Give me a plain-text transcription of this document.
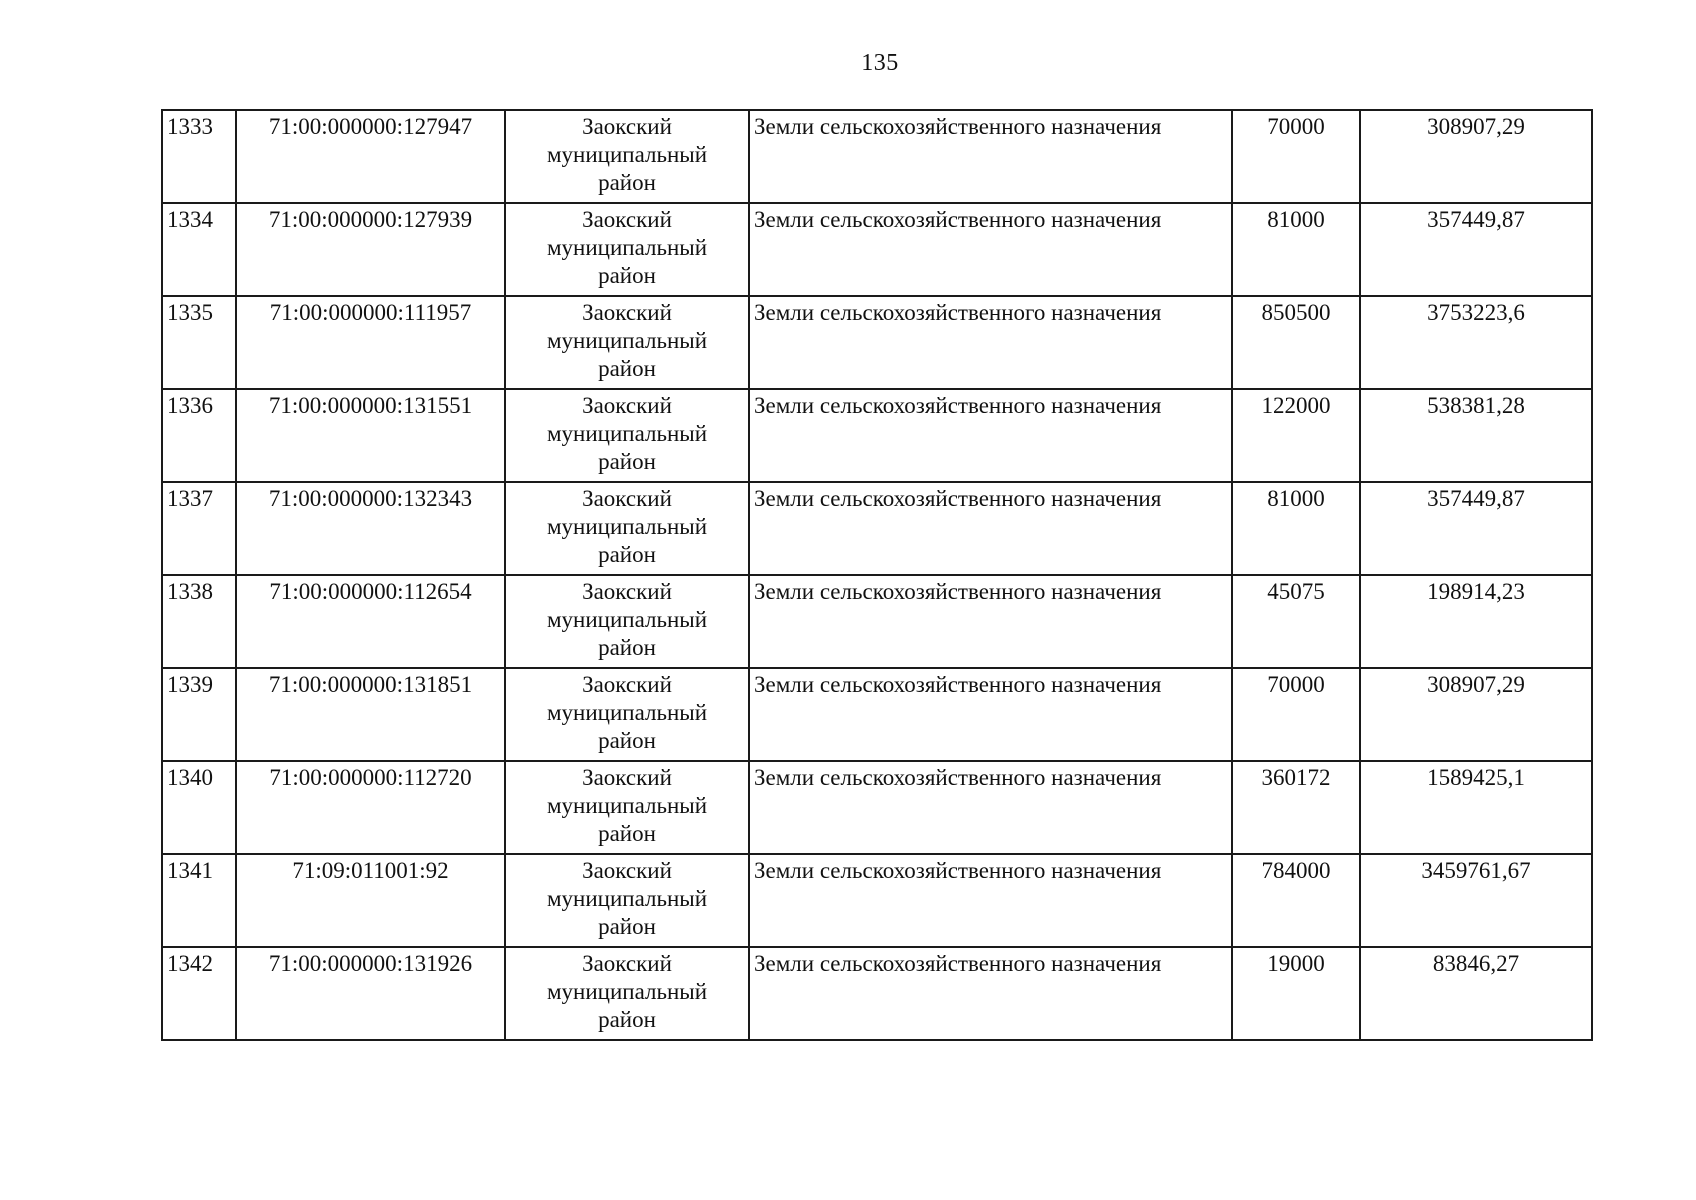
135
1333	71:00:000000:127947	Заокский
муниципальный
район	Земли сельскохозяйственного назначения	70000	308907,29
1334	71:00:000000:127939	Заокский
муниципальный
район	Земли сельскохозяйственного назначения	81000	357449,87
1335	71:00:000000:111957	Заокский
муниципальный
район	Земли сельскохозяйственного назначения	850500	3753223,6
1336	71:00:000000:131551	Заокский
муниципальный
район	Земли сельскохозяйственного назначения	122000	538381,28
1337	71:00:000000:132343	Заокский
муниципальный
район	Земли сельскохозяйственного назначения	81000	357449,87
1338	71:00:000000:112654	Заокский
муниципальный
район	Земли сельскохозяйственного назначения	45075	198914,23
1339	71:00:000000:131851	Заокский
муниципальный
район	Земли сельскохозяйственного назначения	70000	308907,29
1340	71:00:000000:112720	Заокский
муниципальный
район	Земли сельскохозяйственного назначения	360172	1589425,1
1341	71:09:011001:92	Заокский
муниципальный
район	Земли сельскохозяйственного назначения	784000	3459761,67
1342	71:00:000000:131926	Заокский
муниципальный
район	Земли сельскохозяйственного назначения	19000	83846,27
